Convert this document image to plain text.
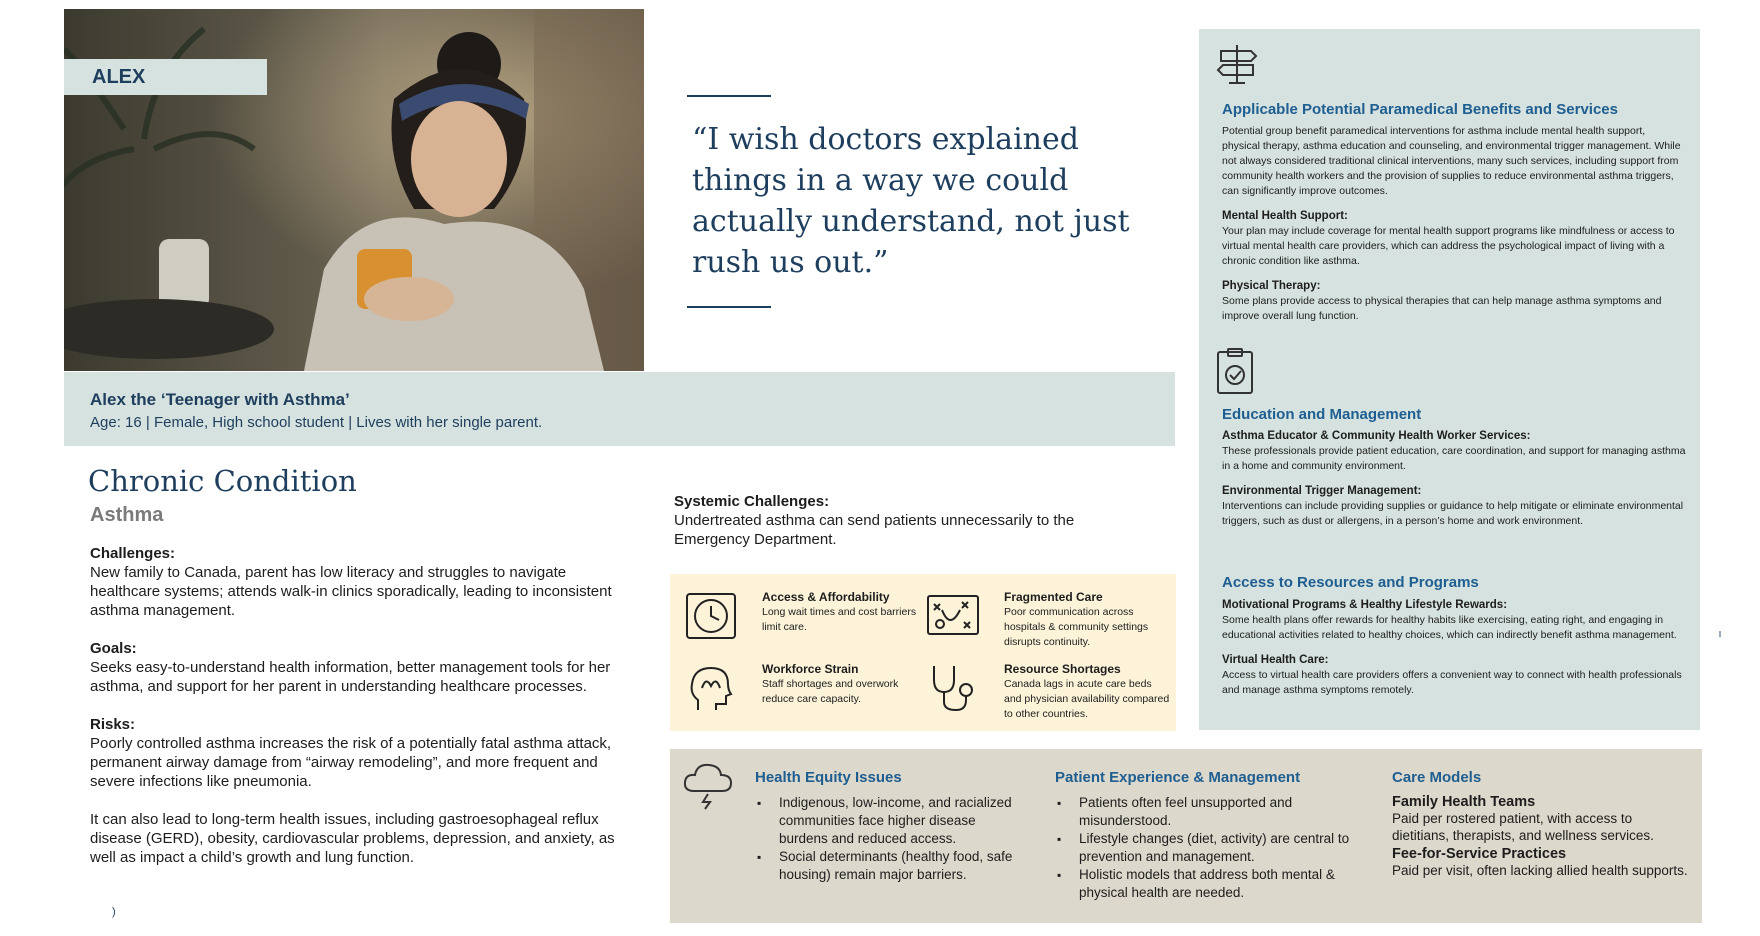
ALEX
“I wish doctors explained things in a way we could actually understand, not just rush us out.”
Alex the ‘Teenager with Asthma’
Age: 16 | Female, High school student | Lives with her single parent.
Chronic Condition
Asthma
Challenges:

New family to Canada, parent has low literacy and struggles to navigate healthcare systems; attends walk-in clinics sporadically, leading to inconsistent asthma management.

Goals:

Seeks easy-to-understand health information, better management tools for her asthma, and support for her parent in understanding healthcare processes.

Risks:

Poorly controlled asthma increases the risk of a potentially fatal asthma attack, permanent airway damage from “airway remodeling”, and more frequent and severe infections like pneumonia.

It can also lead to long-term health issues, including gastroesophageal reflux disease (GERD), obesity, cardiovascular problems, depression, and anxiety, as well as impact a child’s growth and lung function.

)
Systemic Challenges:
Undertreated asthma can send patients unnecessarily to the Emergency Department.
Access & Affordability
Long wait times and cost barriers limit care.
Fragmented Care
Poor communication across hospitals & community settings disrupts continuity.
Workforce Strain
Staff shortages and overwork reduce care capacity.
Resource Shortages
Canada lags in acute care beds and physician availability compared to other countries.
Applicable Potential Paramedical Benefits and Services
Potential group benefit paramedical interventions for asthma include mental health support, physical therapy, asthma education and counseling, and environmental trigger management. While not always considered traditional clinical interventions, many such services, including support from community health workers and the provision of supplies to reduce environmental asthma triggers, can significantly improve outcomes.
Mental Health Support:
Your plan may include coverage for mental health support programs like mindfulness or access to virtual mental health care providers, which can address the psychological impact of living with a chronic condition like asthma.
Physical Therapy:
Some plans provide access to physical therapies that can help manage asthma symptoms and improve overall lung function.
Education and Management
Asthma Educator & Community Health Worker Services:
These professionals provide patient education, care coordination, and support for managing asthma in a home and community environment.
Environmental Trigger Management:
Interventions can include providing supplies or guidance to help mitigate or eliminate environmental triggers, such as dust or allergens, in a person’s home and work environment.
Access to Resources and Programs
Motivational Programs & Healthy Lifestyle Rewards:
Some health plans offer rewards for healthy habits like exercising, eating right, and engaging in educational activities related to healthy choices, which can indirectly benefit asthma management.
Virtual Health Care:
Access to virtual health care providers offers a convenient way to connect with health professionals and manage asthma symptoms remotely.
Health Equity Issues
▪ Indigenous, low-income, and racialized communities face higher disease burdens and reduced access.
▪ Social determinants (healthy food, safe housing) remain major barriers.
Patient Experience & Management
▪ Patients often feel unsupported and misunderstood.
▪ Lifestyle changes (diet, activity) are central to prevention and management.
▪ Holistic models that address both mental & physical health are needed.
Care Models
Family Health Teams
Paid per rostered patient, with access to dietitians, therapists, and wellness services.
Fee-for-Service Practices
Paid per visit, often lacking allied health supports.
